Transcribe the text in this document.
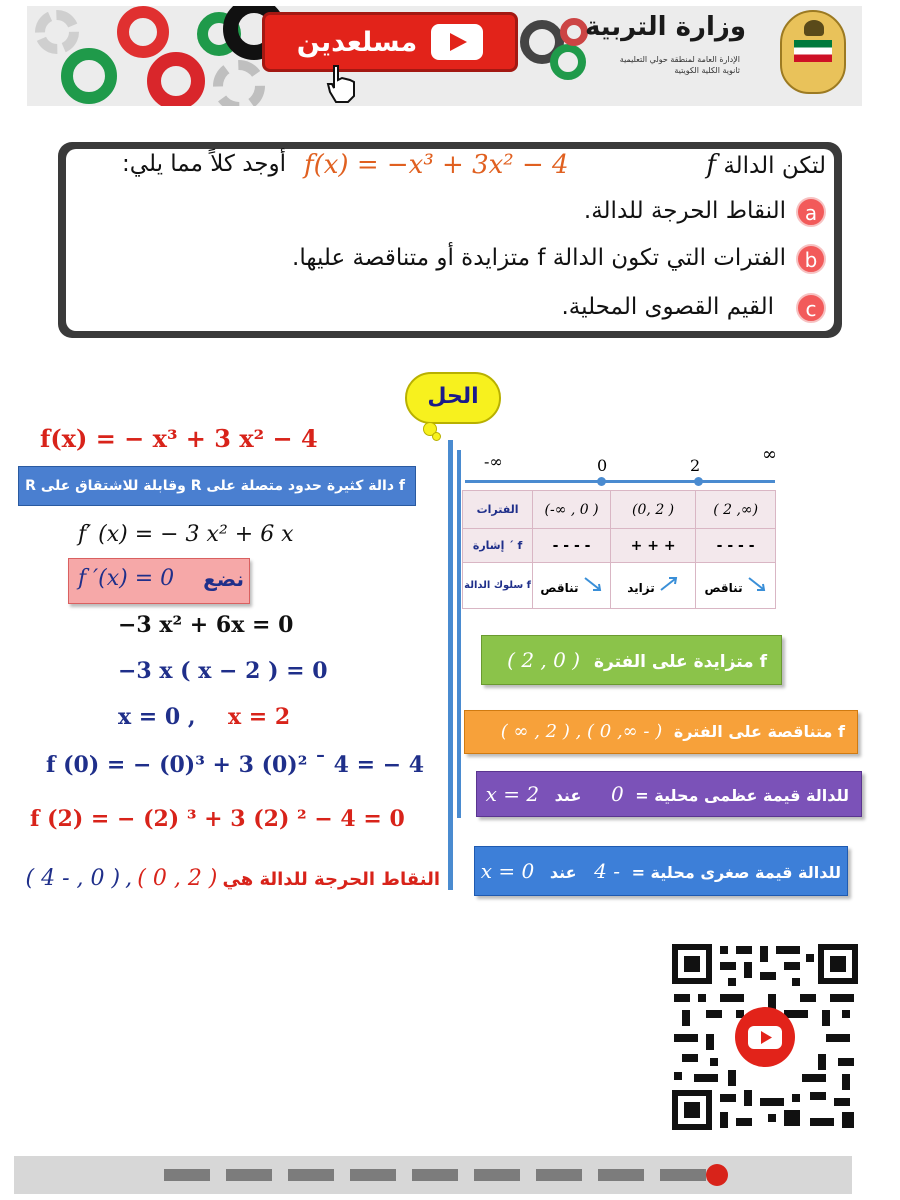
مسلعدين	وزارة التربية
الإدارة العامة لمنطقة حولي التعليمية
ثانوية الكلية الكويتية
لتكن الدالة f
f(x) = −x³ + 3x² − 4
أوجد كلاً مما يلي:
a
النقاط الحرجة للدالة.
b
الفترات التي تكون الدالة f متزايدة أو متناقصة عليها.
c
القيم القصوى المحلية.
الحل
f(x) = − x³ + 3 x² − 4
f دالة كثيرة حدود متصلة على R وقابلة للاشتقاق على R
f′ (x) = − 3 x² + 6 x
f ′(x) = 0 نضع
−3 x² + 6x = 0
−3 x ( x − 2 ) = 0
x = 0 , x = 2
f (0) = − (0)³ + 3 (0)² ¯ 4 = − 4
f (2) = − (2) ³ + 3 (2) ² − 4 = 0
النقاط الحرجة للدالة هي ( 2 , 0 ) , ( 0 , - 4 )
-∞	0	2
∞
الفترات	(-∞ , 0 )	(0, 2 )	( 2 ,∞)
إشارة ´ f	- - - -	+ + +	- - - -
سلوك الدالة f	تناقص	تزايد	تناقص
f متزايدة على الفترة ( 0 , 2 )
f متناقصة على الفترة ( - ∞, 0 ) , ( 2 , ∞ )
للدالة قيمة عظمى محلية = 0 عند x = 2
للدالة قيمة صغرى محلية = - 4 عند x = 0
